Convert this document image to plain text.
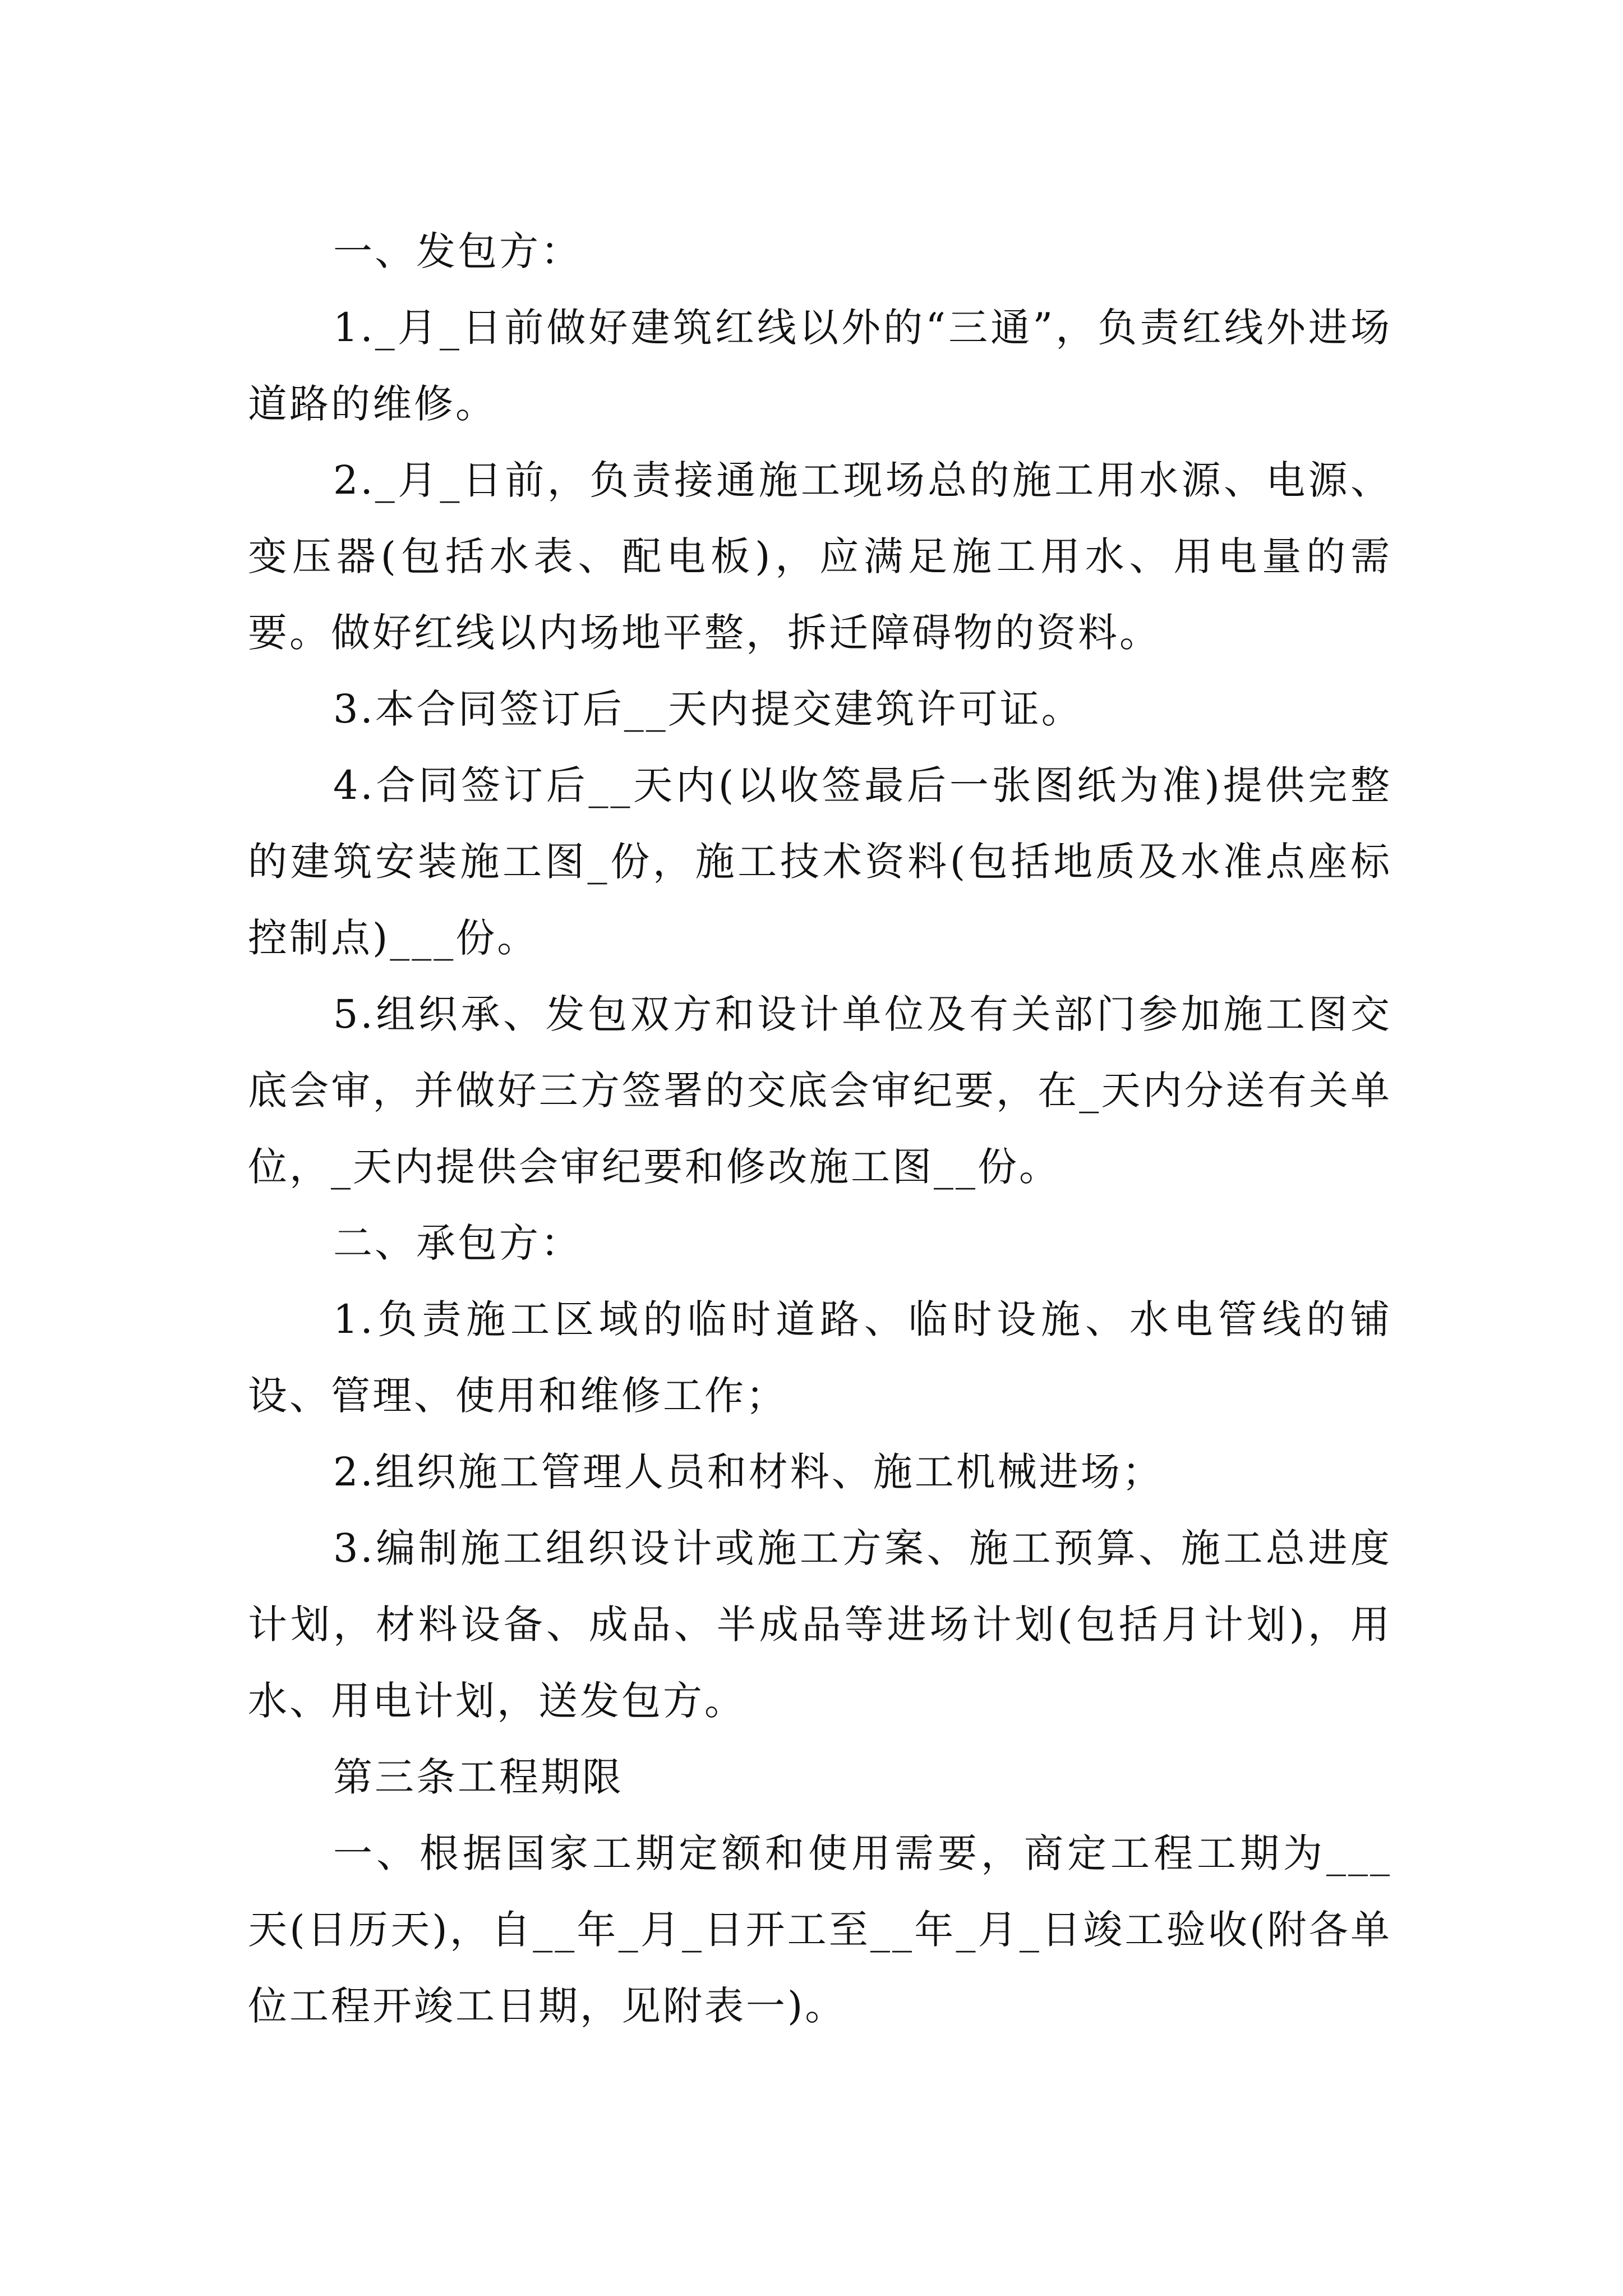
一、发包方：

1._月_日前做好建筑红线以外的“三通”，负责红线外进场道路的维修。

2._月_日前，负责接通施工现场总的施工用水源、电源、变压器(包括水表、配电板)，应满足施工用水、用电量的需要。做好红线以内场地平整，拆迁障碍物的资料。

3.本合同签订后__天内提交建筑许可证。

4.合同签订后__天内(以收签最后一张图纸为准)提供完整的建筑安装施工图_份，施工技术资料(包括地质及水准点座标控制点)___份。

5.组织承、发包双方和设计单位及有关部门参加施工图交底会审，并做好三方签署的交底会审纪要，在_天内分送有关单位，_天内提供会审纪要和修改施工图__份。

二、承包方：

1.负责施工区域的临时道路、临时设施、水电管线的铺设、管理、使用和维修工作；

2.组织施工管理人员和材料、施工机械进场；

3.编制施工组织设计或施工方案、施工预算、施工总进度计划，材料设备、成品、半成品等进场计划(包括月计划)，用水、用电计划，送发包方。

第三条工程期限

一、根据国家工期定额和使用需要，商定工程工期为___天(日历天)，自__年_月_日开工至__年_月_日竣工验收(附各单位工程开竣工日期，见附表一)。
